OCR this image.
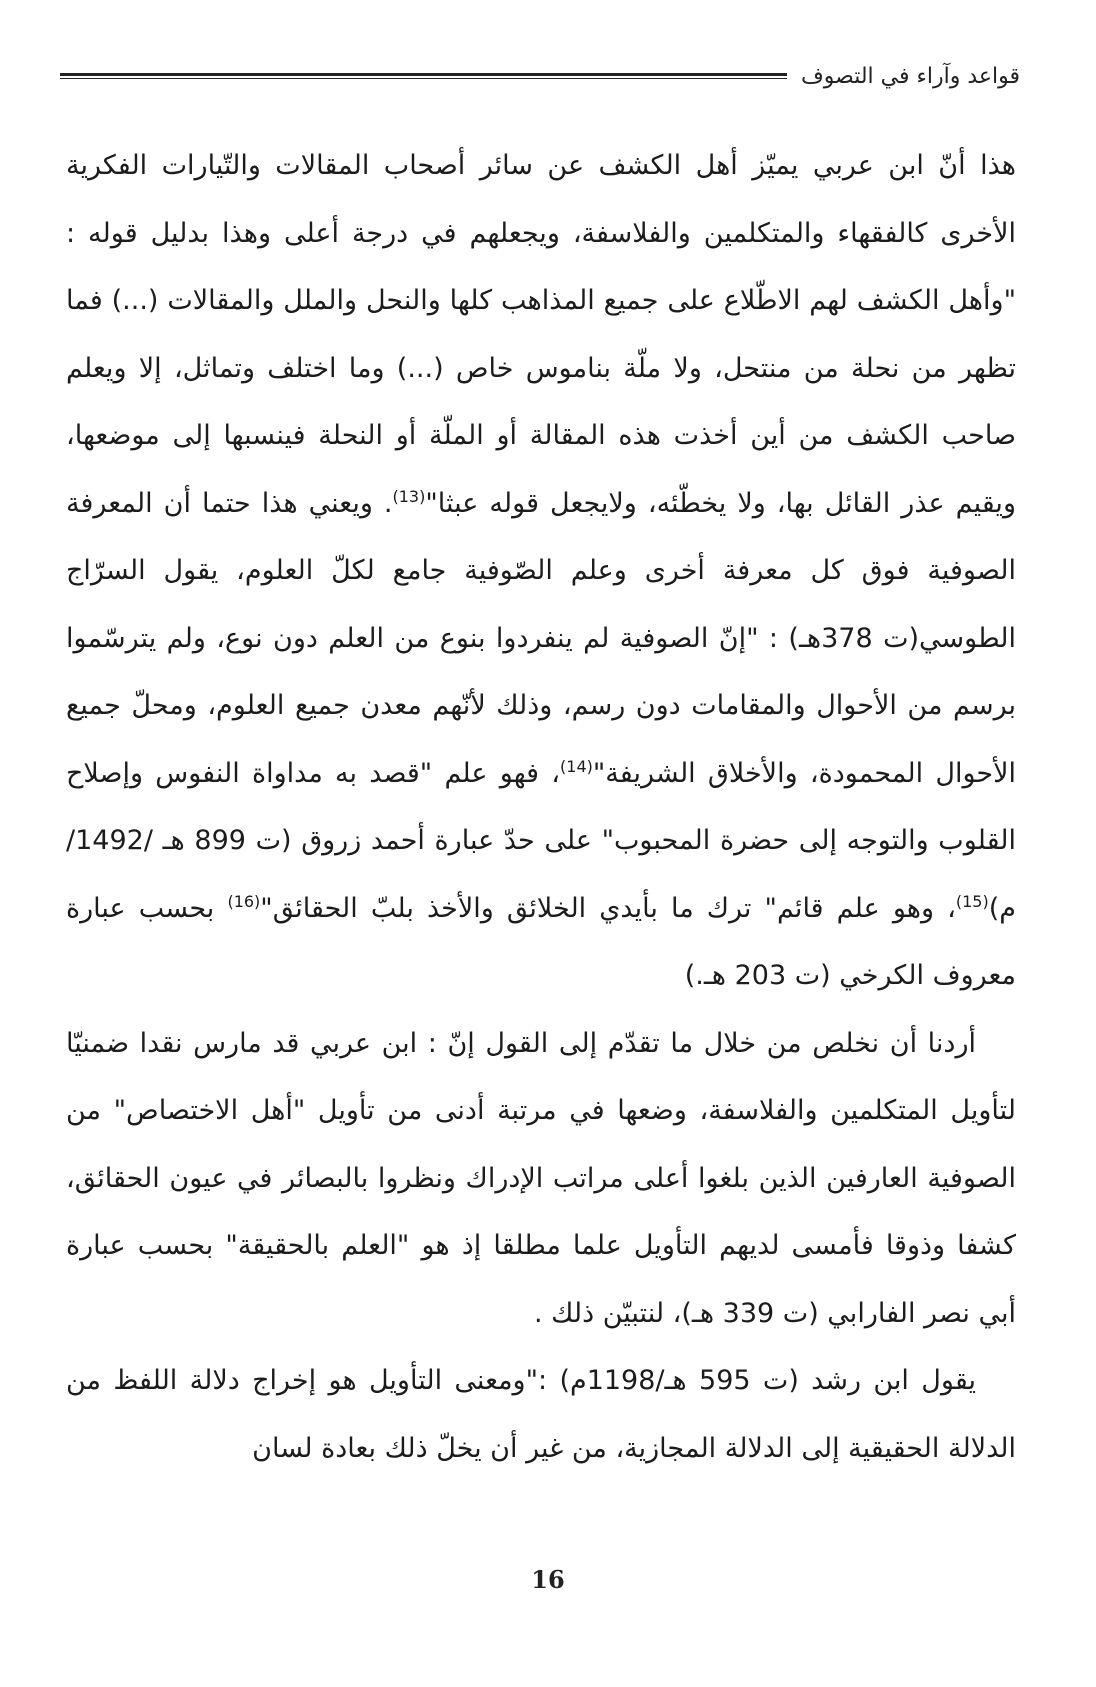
قواعد وآراء في التصوف

هذا أنّ ابن عربي يميّز أهل الكشف عن سائر أصحاب المقالات والتّيارات الفكرية الأخرى كالفقهاء والمتكلمين والفلاسفة، ويجعلهم في درجة أعلى وهذا بدليل قوله : "وأهل الكشف لهم الاطّلاع على جميع المذاهب كلها والنحل والملل والمقالات (...) فما تظهر من نحلة من منتحل، ولا ملّة بناموس خاص (...) وما اختلف وتماثل، إلا ويعلم صاحب الكشف من أين أخذت هذه المقالة أو الملّة أو النحلة فينسبها إلى موضعها، ويقيم عذر القائل بها، ولا يخطّئه، ولايجعل قوله عبثا"$^{(13)}$. ويعني هذا حتما أن المعرفة الصوفية فوق كل معرفة أخرى وعلم الصّوفية جامع لكلّ العلوم، يقول السرّاج الطوسي(ت 378هـ) : "إنّ الصوفية لم ينفردوا بنوع من العلم دون نوع، ولم يترسّموا برسم من الأحوال والمقامات دون رسم، وذلك لأنّهم معدن جميع العلوم، ومحلّ جميع الأحوال المحمودة، والأخلاق الشريفة"$^{(14)}$، فهو علم "قصد به مداواة النفوس وإصلاح القلوب والتوجه إلى حضرة المحبوب" على حدّ عبارة أحمد زروق (ت 899 هـ /1492/م)$^{(15)}$، وهو علم قائم" ترك ما بأيدي الخلائق والأخذ بلبّ الحقائق"$^{(16)}$ بحسب عبارة معروف الكرخي (ت 203 هـ.)

أردنا أن نخلص من خلال ما تقدّم إلى القول إنّ : ابن عربي قد مارس نقدا ضمنيّا لتأويل المتكلمين والفلاسفة، وضعها في مرتبة أدنى من تأويل "أهل الاختصاص" من الصوفية العارفين الذين بلغوا أعلى مراتب الإدراك ونظروا بالبصائر في عيون الحقائق، كشفا وذوقا فأمسى لديهم التأويل علما مطلقا إذ هو "العلم بالحقيقة" بحسب عبارة أبي نصر الفارابي (ت 339 هـ)، لنتبيّن ذلك .

يقول ابن رشد (ت 595 هـ/1198م) :"ومعنى التأويل هو إخراج دلالة اللفظ من الدلالة الحقيقية إلى الدلالة المجازية، من غير أن يخلّ ذلك بعادة لسان

16
